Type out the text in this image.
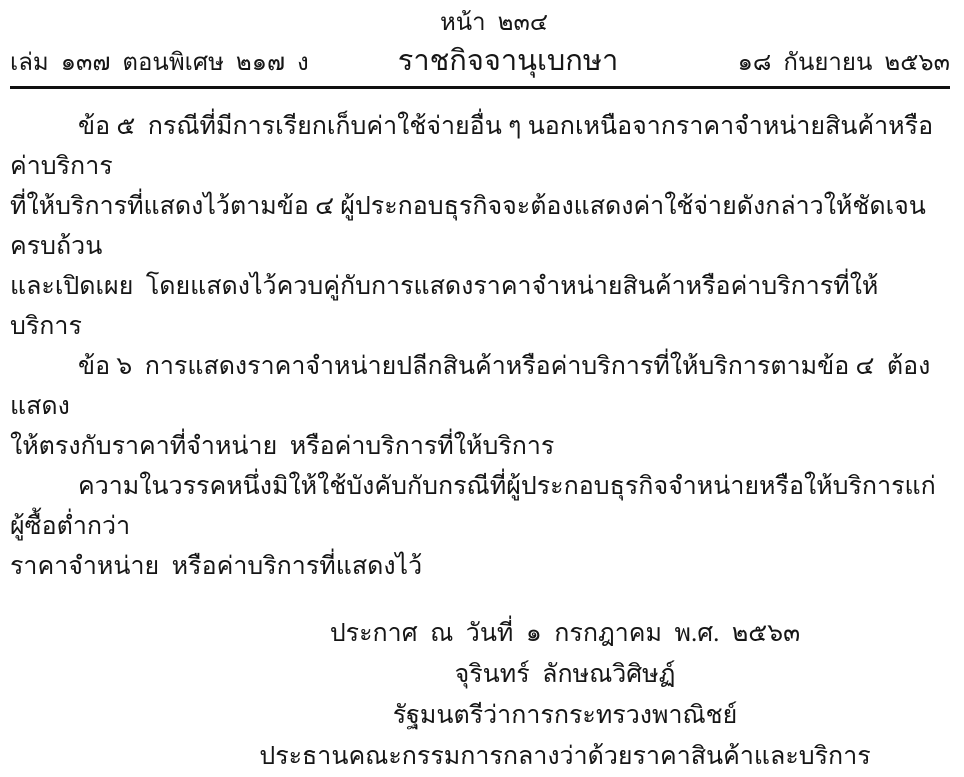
หน้า  ๒๓๔
เล่ม  ๑๓๗  ตอนพิเศษ  ๒๑๗  ง	ราชกิจจานุเบกษา	๑๘  กันยายน  ๒๕๖๓
ข้อ ๕  กรณีที่มีการเรียกเก็บค่าใช้จ่ายอื่น ๆ นอกเหนือจากราคาจำหน่ายสินค้าหรือค่าบริการ
ที่ให้บริการที่แสดงไว้ตามข้อ ๔ ผู้ประกอบธุรกิจจะต้องแสดงค่าใช้จ่ายดังกล่าวให้ชัดเจนครบถ้วน
และเปิดเผย  โดยแสดงไว้ควบคู่กับการแสดงราคาจำหน่ายสินค้าหรือค่าบริการที่ให้บริการ
ข้อ ๖  การแสดงราคาจำหน่ายปลีกสินค้าหรือค่าบริการที่ให้บริการตามข้อ ๔  ต้องแสดง
ให้ตรงกับราคาที่จำหน่าย  หรือค่าบริการที่ให้บริการ
ความในวรรคหนึ่งมิให้ใช้บังคับกับกรณีที่ผู้ประกอบธุรกิจจำหน่ายหรือให้บริการแก่ผู้ซื้อต่ำกว่า
ราคาจำหน่าย  หรือค่าบริการที่แสดงไว้
ประกาศ  ณ  วันที่  ๑  กรกฎาคม  พ.ศ.  ๒๕๖๓
จุรินทร์  ลักษณวิศิษฏ์
รัฐมนตรีว่าการกระทรวงพาณิชย์
ประธานคณะกรรมการกลางว่าด้วยราคาสินค้าและบริการ
